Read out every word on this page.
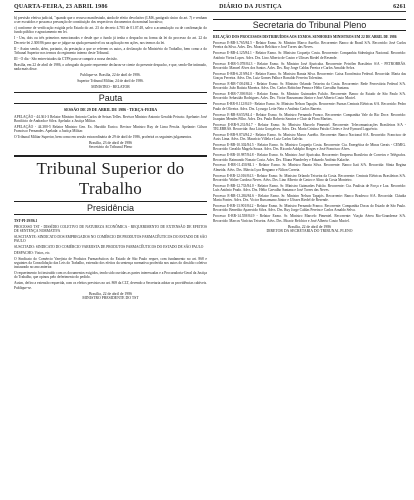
QUARTA-FEIRA, 23 ABRIL 1986	DIÁRIO DA JUSTIÇA	6261

b) previsão efetiva judicial, "quando que o recurso manifestado, ainda de efeito devolutivo (LMS, parágrafo único do art. 7) e venham a ser excutidos e possam a presunção de constituição dos respectivos documentos da nominal lucrativa;

c) conforme de verificação exigida pelo Estado do art. 23 do decreto 4.783 de 01.07.48, salvo a acumulação ou de confirmação do fundo público e agraciamento em lei.

I - Um, dois ou três primeiros mencionados e desde que o fundo já tenha o despacho na forma da lei do processo do art. 22 do Decreto-lei 2.300/86 para que se julgue na ajuda presumível ou na aplicação em ações, nos termos da lei.

II - Assim sendo, além, portanto, da prestação a que se referem os autos, a declaração do Ministério do Trabalho, bem como a do Tribunal Superior nos termos do regimento interno deste Tribunal.

III - O dia - São entrevistados da CTPS para se cumprir a nossa decisão.

Brasília, em 22 de abril de 1986, o advogado da parte requerente declarou-se ciente do presente despacho, e que, sendo-lhe intimado, nada mais disse.

Publique-se. Brasília, 22 de abril de 1986.

Superior Tribunal Militar, 24 de abril de 1986.

MINISTRO - RELATOR
Pauta
SESSÃO DE 29 DE ABRIL DE 1986 - TERÇA-FEIRA

APELAÇÃO - 44.361-3 Relator Ministro Antonio Carlos de Seixas Telles. Revisor Ministro Antonio Geraldo Peixoto. Apelante: José Bonifácio de Andrada e Silva. Apelada: a Justiça Militar.

APELAÇÃO - 44.380-5 Relator Ministro Gen. Ex. Haroldo Eurico. Revisor Ministro Ruy de Lima Pessôa. Apelante: Gilson Francisco Fernandes. Apelada: a Justiça Militar.

O Tribunal Militar Superior, bem como em sessão extraordinária de 29 de abril de 1986, proferirá os seguintes julgamentos.

Brasília, 23 de abril de 1986
Secretário do Tribunal Pleno
Tribunal Superior do Trabalho
Presidência

TST-PI-29/86.1

PROCESSO TST - DISSÍDIO COLETIVO DE NATUREZA ECONÔMICA - REQUERIMENTO DE EXTENSÃO DE EFEITOS DE SENTENÇA NORMATIVA

SUSCITANTE: SINDICATO DOS EMPREGADOS NO COMÉRCIO DE PRODUTOS FARMACÊUTICOS DO ESTADO DE SÃO PAULO

SUSCITADO: SINDICATO DO COMÉRCIO VAREJISTA DE PRODUTOS FARMACÊUTICOS DO ESTADO DE SÃO PAULO

DESPACHO: Vistos, etc.

O Sindicato do Comércio Varejista de Produtos Farmacêuticos do Estado de São Paulo requer, com fundamento no art. 868 e seguintes da Consolidação das Leis do Trabalho, extensão dos efeitos da sentença normativa proferida nos autos do dissídio coletivo instaurado no ano anterior.

O requerimento foi instruído com os documentos exigidos, tendo sido ouvidas as partes interessadas e a Procuradoria-Geral da Justiça do Trabalho, que opinou pelo deferimento do pedido.

Assim, defiro a extensão requerida, com os efeitos previstos no art. 869 da CLT, devendo a Secretaria adotar as providências cabíveis. Publique-se.

Brasília, 22 de abril de 1986
MINISTRO PRESIDENTE DO TST
Secretaria do Tribunal Pleno

RELAÇÃO DOS PROCESSOS DISTRIBUÍDOS AOS EXMOS. SENHORES MINISTROS EM 22 DE ABRIL DE 1986

Processo E-RR-3.765/84.5 - Relator Exmo. Sr. Ministro Marco Aurélio. Recorrente: Banco do Brasil S/A. Recorrido: José Carlos Pereira da Silva. Advs. Drs. Moacir Belchior e José Torres das Neves.

Processo E-RR-4.125/84.1 - Relator Exmo. Sr. Ministro Coqueijo Costa. Recorrente: Companhia Siderúrgica Nacional. Recorrido: Antônio Vieira Lopes. Advs. Drs. Lino Alberto de Castro e Ulisses Riedel de Resende.

Processo E-RR-5.078/84.3 - Relator Exmo. Sr. Ministro José Ajuricaba. Recorrente: Petróleo Brasileiro S/A - PETROBRÁS. Recorrido: Manoel Alves dos Santos. Advs. Drs. Ruy Jorge Caldas Pereira e Carlos Arnaldo Selva.

Processo E-RR-6.219/84.0 - Relator Exmo. Sr. Ministro Barata Silva. Recorrente: Caixa Econômica Federal. Recorrida: Maria das Graças Ferreira. Advs. Drs. Luiz Gomes Palha e Ronaldo Ferreira Tolentino.

Processo E-RR-7.004/84.2 - Relator Exmo. Sr. Ministro Orlando Teixeira da Costa. Recorrente: Rede Ferroviária Federal S/A. Recorrido: João Batista Moreira. Advs. Drs. Carlos Robichez Penna e Hélio Carvalho Santana.

Processo E-RR-7.390/84.6 - Relator Exmo. Sr. Ministro Guimarães Falcão. Recorrente: Banco do Estado de São Paulo S/A. Recorrido: Sebastião Rodrigues. Advs. Drs. Victor Russomano Júnior e José Alberto Couto Maciel.

Processo E-RR-8.112/84.9 - Relator Exmo. Sr. Ministro Nelson Tapajós. Recorrente: Furnas Centrais Elétricas S/A. Recorrido: Pedro Paulo de Oliveira. Advs. Drs. Lycurgo Leite Neto e Antônio Carlos Barreto.

Processo E-RR-8.655/84.4 - Relator Exmo. Sr. Ministro Fernando Franco. Recorrente: Companhia Vale do Rio Doce. Recorrido: Joaquim Mendes Filho. Advs. Drs. Paulo Roberto Saraiva e Clair da Flora Martins.

Processo E-RR-9.231/84.7 - Relator Exmo. Sr. Ministro Marcelo Pimentel. Recorrente: Telecomunicações Brasileiras S/A - TELEBRÁS. Recorrida: Ana Lúcia Gonçalves. Advs. Drs. Maria Cristina Paixão Côrtes e José Eymard Loguércio.

Processo E-RR-9.874/84.2 - Relator Exmo. Sr. Ministro Marco Aurélio. Recorrente: Banco Nacional S/A. Recorrido: Francisco de Assis Lima. Advs. Drs. Maurício Villela e Luiz Carlos Galvão.

Processo E-RR-10.302/84.5 - Relator Exmo. Sr. Ministro Coqueijo Costa. Recorrente: Cia. Energética de Minas Gerais - CEMIG. Recorrido: Geraldo Magela Souza. Advs. Drs. Ricardo Adolpho Borges e José Francisco Alves.

Processo E-RR-10.987/84.8 - Relator Exmo. Sr. Ministro José Ajuricaba. Recorrente: Empresa Brasileira de Correios e Telégrafos. Recorrido: Raimundo Nonato Costa. Advs. Drs. Eliana Wanderley e Eduardo Antônio Kalache.

Processo E-RR-11.450/84.1 - Relator Exmo. Sr. Ministro Barata Silva. Recorrente: Banco Itaú S/A. Recorrida: Sônia Regina Almeida. Advs. Drs. Márcia Lyra Bergamo e Nilton Correia.

Processo E-RR-12.016/84.3 - Relator Exmo. Sr. Ministro Orlando Teixeira da Costa. Recorrente: Centrais Elétricas Brasileiras S/A. Recorrido: Walter Cardoso Neves. Advs. Drs. Lino Alberto de Castro e Alino da Costa Monteiro.

Processo E-RR-12.733/84.0 - Relator Exmo. Sr. Ministro Guimarães Falcão. Recorrente: Cia. Paulista de Força e Luz. Recorrido: Luís Antônio Prado. Advs. Drs. Hélio Carvalho Santana e José Torres das Neves.

Processo E-RR-13.284/84.6 - Relator Exmo. Sr. Ministro Nelson Tapajós. Recorrente: Banco Bradesco S/A. Recorrida: Cláudia Maria Fontes. Advs. Drs. Victor Russomano Júnior e Ulisses Riedel de Resende.

Processo E-RR-13.901/84.2 - Relator Exmo. Sr. Ministro Fernando Franco. Recorrente: Companhia Docas do Estado de São Paulo. Recorrido: Benedito Aparecido Silva. Advs. Drs. Ruy Jorge Caldas Pereira e Carlos Arnaldo Selva.

Processo E-RR-14.558/84.9 - Relator Exmo. Sr. Ministro Marcelo Pimentel. Recorrente: Viação Aérea Rio-Grandense S/A. Recorrido: Marcos Vinícius Teixeira. Advs. Drs. Moacir Belchior e José Alberto Couto Maciel.

Brasília, 22 de abril de 1986
DIRETOR DA SECRETARIA DO TRIBUNAL PLENO
